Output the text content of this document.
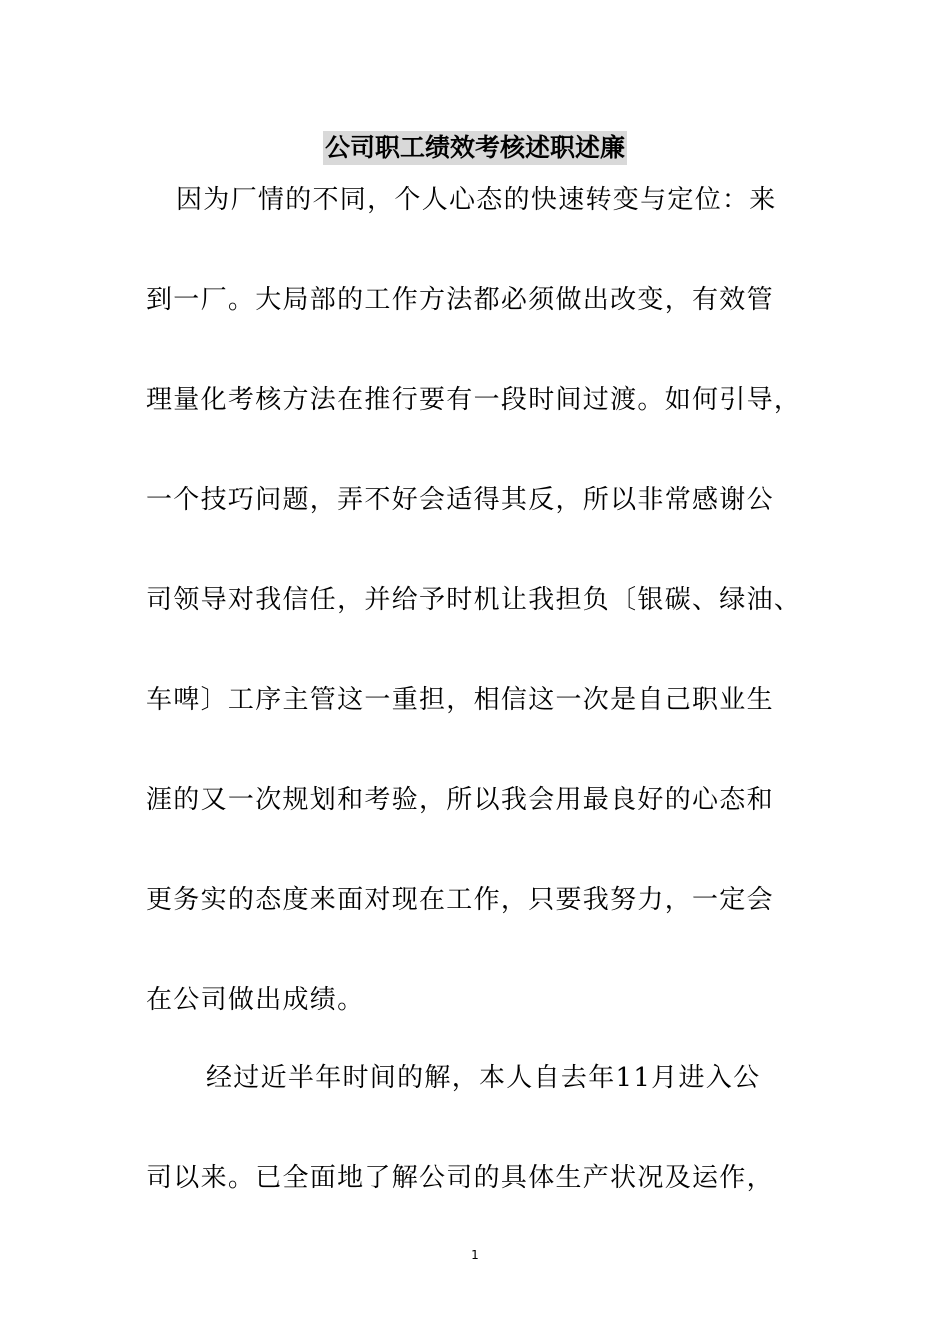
公司职工绩效考核述职述廉
因为厂情的不同，个人心态的快速转变与定位：来
到一厂。大局部的工作方法都必须做出改变，有效管
理量化考核方法在推行要有一段时间过渡。如何引导，
一个技巧问题，弄不好会适得其反，所以非常感谢公
司领导对我信任，并给予时机让我担负〔银碳、绿油、
车啤〕工序主管这一重担，相信这一次是自己职业生
涯的又一次规划和考验，所以我会用最良好的心态和
更务实的态度来面对现在工作，只要我努力，一定会
在公司做出成绩。
经过近半年时间的解，本人自去年11月进入公
司以来。已全面地了解公司的具体生产状况及运作，
1
